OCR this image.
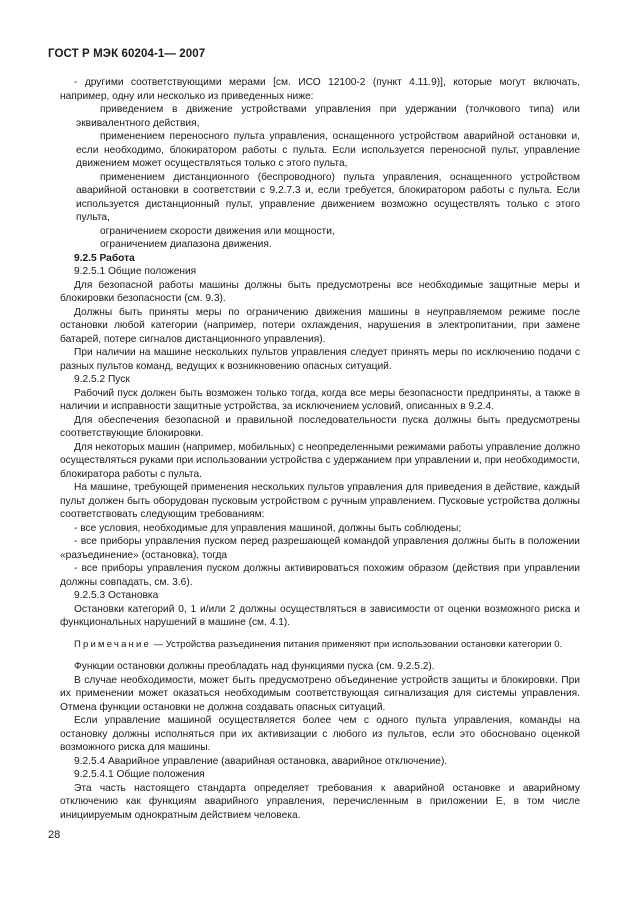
ГОСТ Р МЭК 60204-1— 2007

- другими соответствующими мерами [см. ИСО 12100-2 (пункт 4.11.9)], которые могут включать, например, одну или несколько из приведенных ниже:

приведением в движение устройствами управления при удержании (толчкового типа) или эквивалентного действия,

применением переносного пульта управления, оснащенного устройством аварийной остановки и, если необходимо, блокиратором работы с пульта. Если используется переносной пульт, управление движением может осуществляться только с этого пульта,

применением дистанционного (беспроводного) пульта управления, оснащенного устройством аварийной остановки в соответствии с 9.2.7.3 и, если требуется, блокиратором работы с пульта. Если используется дистанционный пульт, управление движением возможно осуществлять только с этого пульта,

ограничением скорости движения или мощности,

ограничением диапазона движения.

9.2.5 Работа

9.2.5.1 Общие положения

Для безопасной работы машины должны быть предусмотрены все необходимые защитные меры и блокировки безопасности (см. 9.3).

Должны быть приняты меры по ограничению движения машины в неуправляемом режиме после остановки любой категории (например, потери охлаждения, нарушения в электропитании, при замене батарей, потере сигналов дистанционного управления).

При наличии на машине нескольких пультов управления следует принять меры по исключению подачи с разных пультов команд, ведущих к возникновению опасных ситуаций.

9.2.5.2 Пуск

Рабочий пуск должен быть возможен только тогда, когда все меры безопасности предприняты, а также в наличии и исправности защитные устройства, за исключением условий, описанных в 9.2.4.

Для обеспечения безопасной и правильной последовательности пуска должны быть предусмотрены соответствующие блокировки.

Для некоторых машин (например, мобильных) с неопределенными режимами работы управление должно осуществляться руками при использовании устройства с удержанием при управлении и, при необходимости, блокиратора работы с пульта.

На машине, требующей применения нескольких пультов управления для приведения в действие, каждый пульт должен быть оборудован пусковым устройством с ручным управлением. Пусковые устройства должны соответствовать следующим требованиям:

- все условия, необходимые для управления машиной, должны быть соблюдены;

- все приборы управления пуском перед разрешающей командой управления должны быть в положении «разъединение» (остановка), тогда

- все приборы управления пуском должны активироваться похожим образом (действия при управлении должны совпадать, см. 3.6).

9.2.5.3 Остановка

Остановки категорий 0, 1 и/или 2 должны осуществляться в зависимости от оценки возможного риска и функциональных нарушений в машине (см. 4.1).

Примечание — Устройства разъединения питания применяют при использовании остановки категории 0.

Функции остановки должны преобладать над функциями пуска (см. 9.2.5.2).

В случае необходимости, может быть предусмотрено объединение устройств защиты и блокировки. При их применении может оказаться необходимым соответствующая сигнализация для системы управления. Отмена функции остановки не должна создавать опасных ситуаций.

Если управление машиной осуществляется более чем с одного пульта управления, команды на остановку должны исполняться при их активизации с любого из пультов, если это обосновано оценкой возможного риска для машины.

9.2.5.4 Аварийное управление (аварийная остановка, аварийное отключение).

9.2.5.4.1 Общие положения

Эта часть настоящего стандарта определяет требования к аварийной остановке и аварийному отключению как функциям аварийного управления, перечисленным в приложении Е, в том числе инициируемым однократным действием человека.

28
